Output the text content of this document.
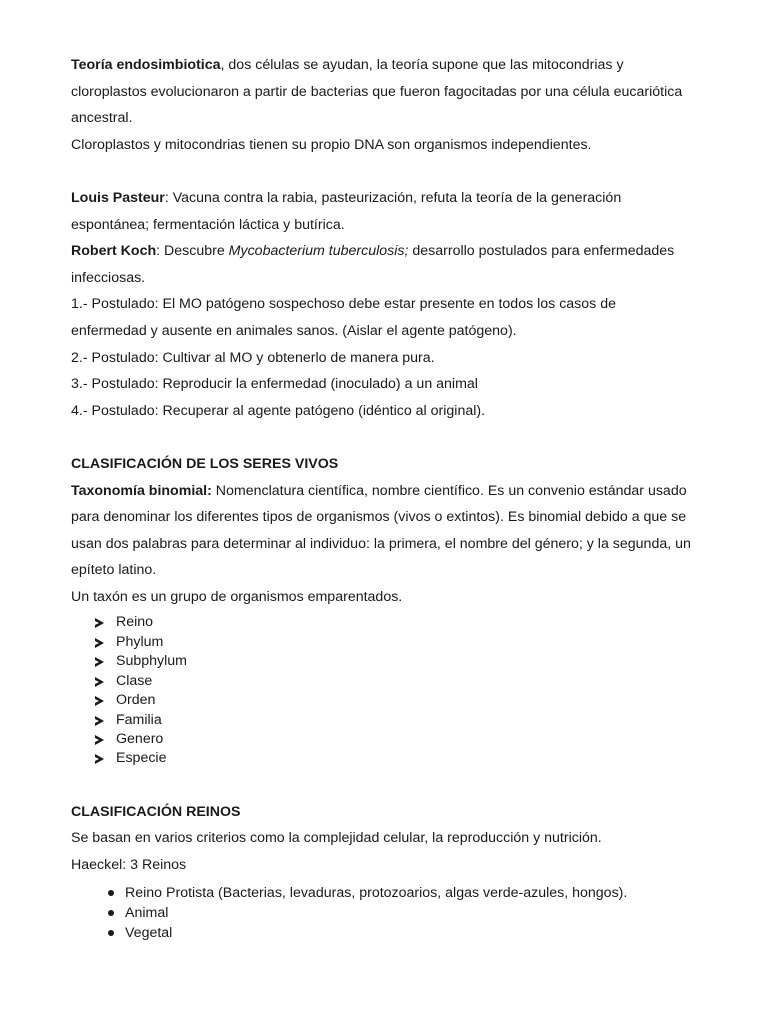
Teoría endosimbiotica, dos células se ayudan, la teoría supone que las mitocondrias y cloroplastos evolucionaron a partir de bacterias que fueron fagocitadas por una célula eucariótica ancestral.

Cloroplastos y mitocondrias tienen su propio DNA son organismos independientes.

Louis Pasteur: Vacuna contra la rabia, pasteurización, refuta la teoría de la generación espontánea; fermentación láctica y butírica.

Robert Koch: Descubre Mycobacterium tuberculosis; desarrollo postulados para enfermedades infecciosas.

1.- Postulado: El MO patógeno sospechoso debe estar presente en todos los casos de enfermedad y ausente en animales sanos. (Aislar el agente patógeno).

2.- Postulado: Cultivar al MO y obtenerlo de manera pura.

3.- Postulado: Reproducir la enfermedad (inoculado) a un animal

4.- Postulado: Recuperar al agente patógeno (idéntico al original).

CLASIFICACIÓN DE LOS SERES VIVOS

Taxonomía binomial: Nomenclatura científica, nombre científico. Es un convenio estándar usado para denominar los diferentes tipos de organismos (vivos o extintos). Es binomial debido a que se usan dos palabras para determinar al individuo: la primera, el nombre del género; y la segunda, un epíteto latino.

Un taxón es un grupo de organismos emparentados.

Reino
Phylum
Subphylum
Clase
Orden
Familia
Genero
Especie

CLASIFICACIÓN REINOS

Se basan en varios criterios como la complejidad celular, la reproducción y nutrición.

Haeckel: 3 Reinos

Reino Protista (Bacterias, levaduras, protozoarios, algas verde-azules, hongos).
Animal
Vegetal
